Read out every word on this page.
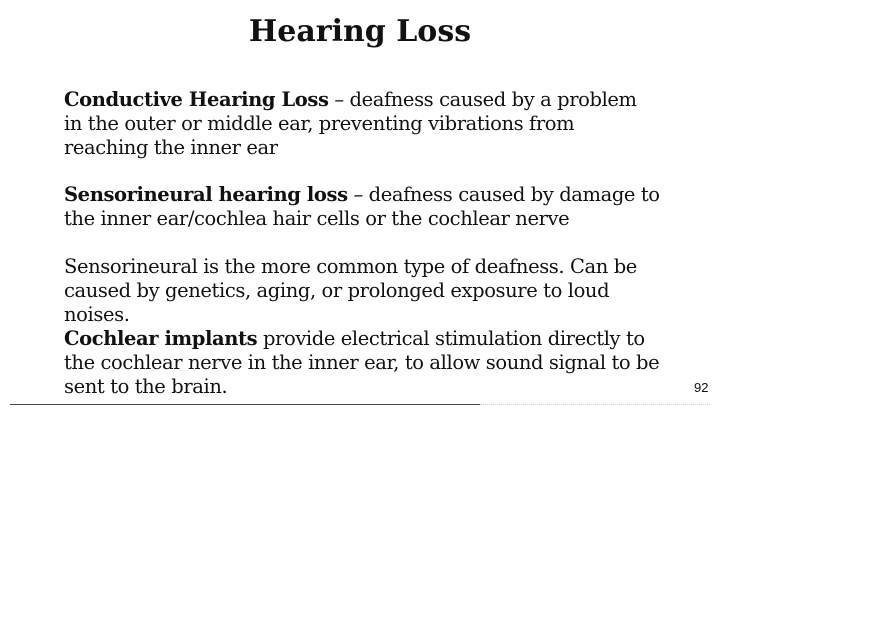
Hearing Loss
Conductive Hearing Loss – deafness caused by a problem in the outer or middle ear, preventing vibrations from reaching the inner ear
Sensorineural hearing loss – deafness caused by damage to the inner ear/cochlea hair cells or the cochlear nerve
Sensorineural is the more common type of deafness. Can be caused by genetics, aging, or prolonged exposure to loud noises.
Cochlear implants provide electrical stimulation directly to the cochlear nerve in the inner ear, to allow sound signal to be sent to the brain.	92
